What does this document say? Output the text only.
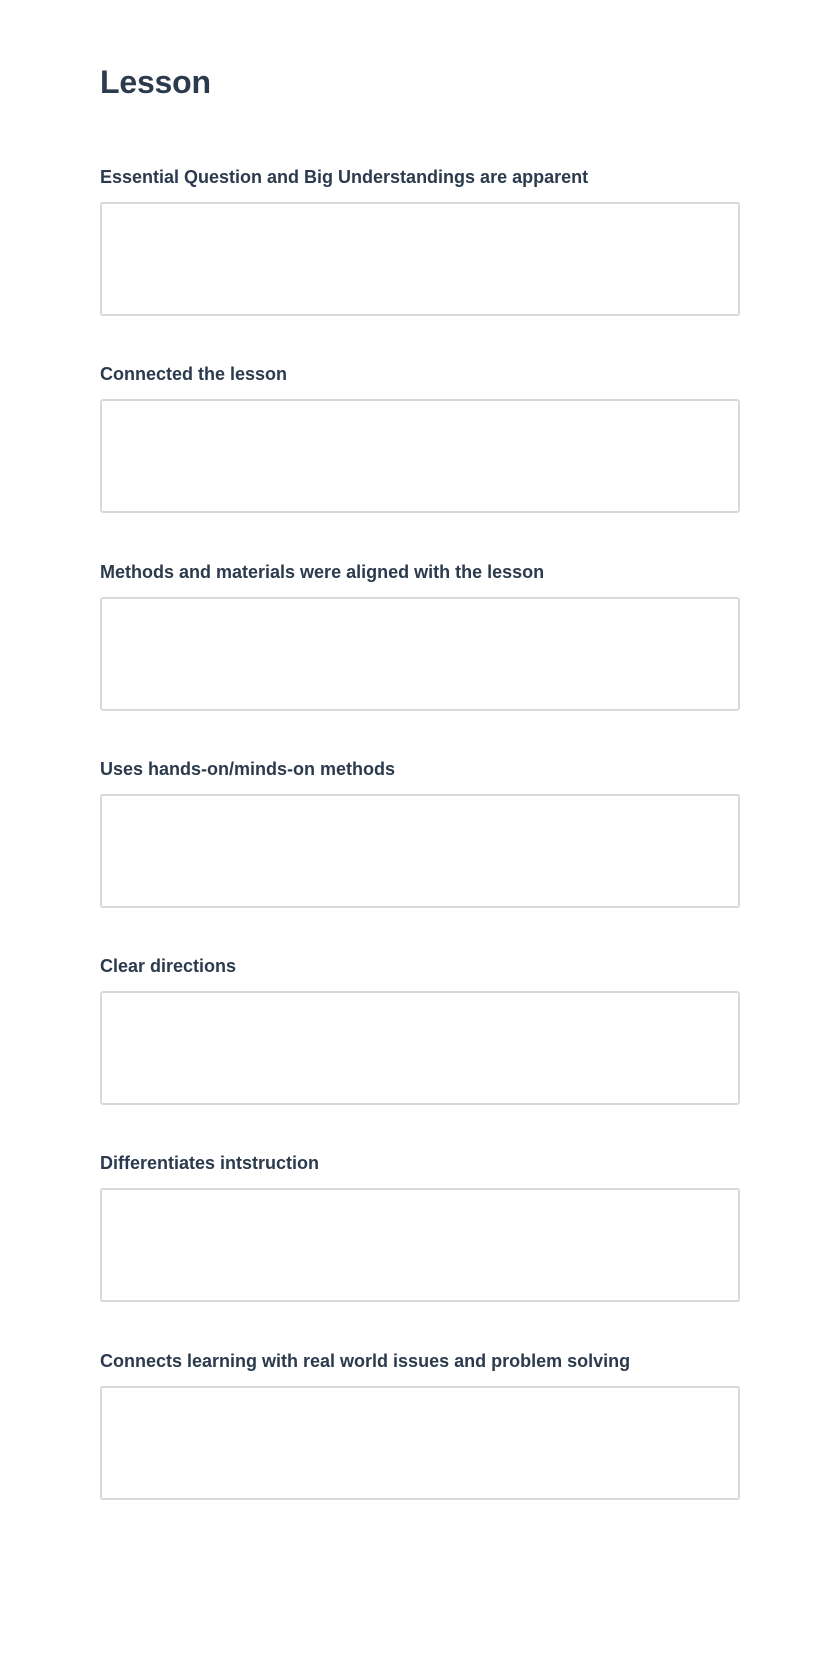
Lesson
Essential Question and Big Understandings are apparent
Connected the lesson
Methods and materials were aligned with the lesson
Uses hands-on/minds-on methods
Clear directions
Differentiates intstruction
Connects learning with real world issues and problem solving
